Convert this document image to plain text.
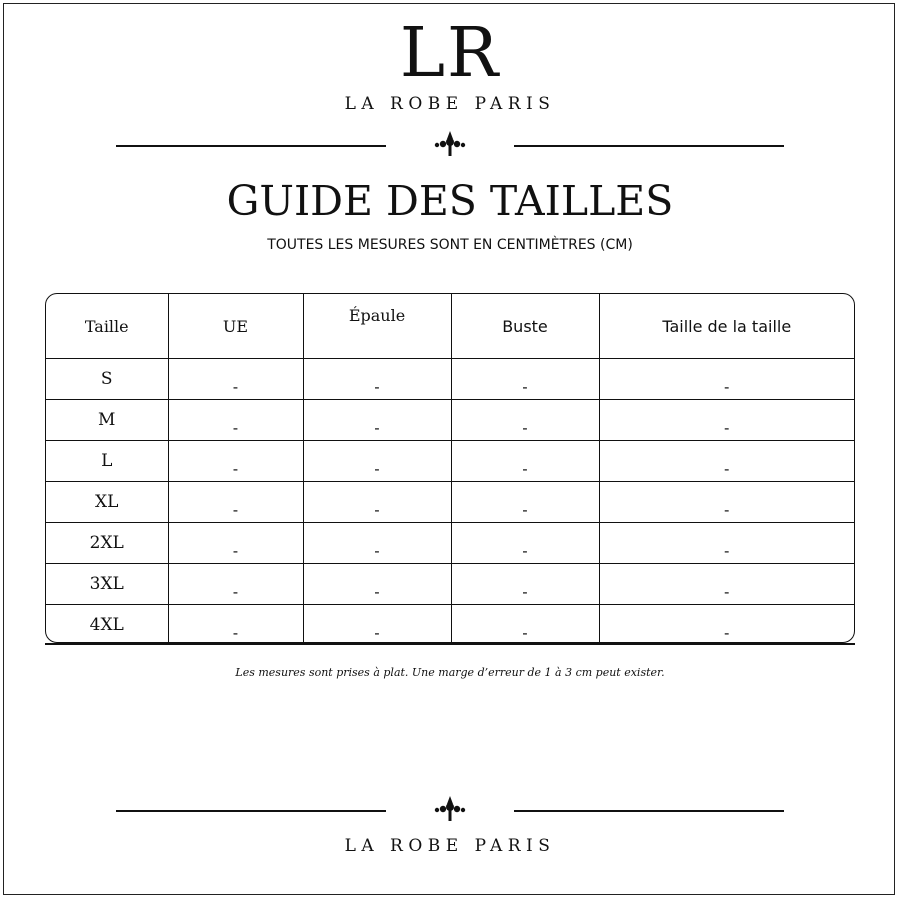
LR
LA ROBE PARIS
GUIDE DES TAILLES
TOUTES LES MESURES SONT EN CENTIMÈTRES (CM)
Taille	UE	Épaule	Buste	Taille de la taille
S	-	-	-	-
M	-	-	-	-
L	-	-	-	-
XL	-	-	-	-
2XL	-	-	-	-
3XL	-	-	-	-
4XL	-	-	-	-

Les mesures sont prises à plat. Une marge d’erreur de 1 à 3 cm peut exister.
LA ROBE PARIS
